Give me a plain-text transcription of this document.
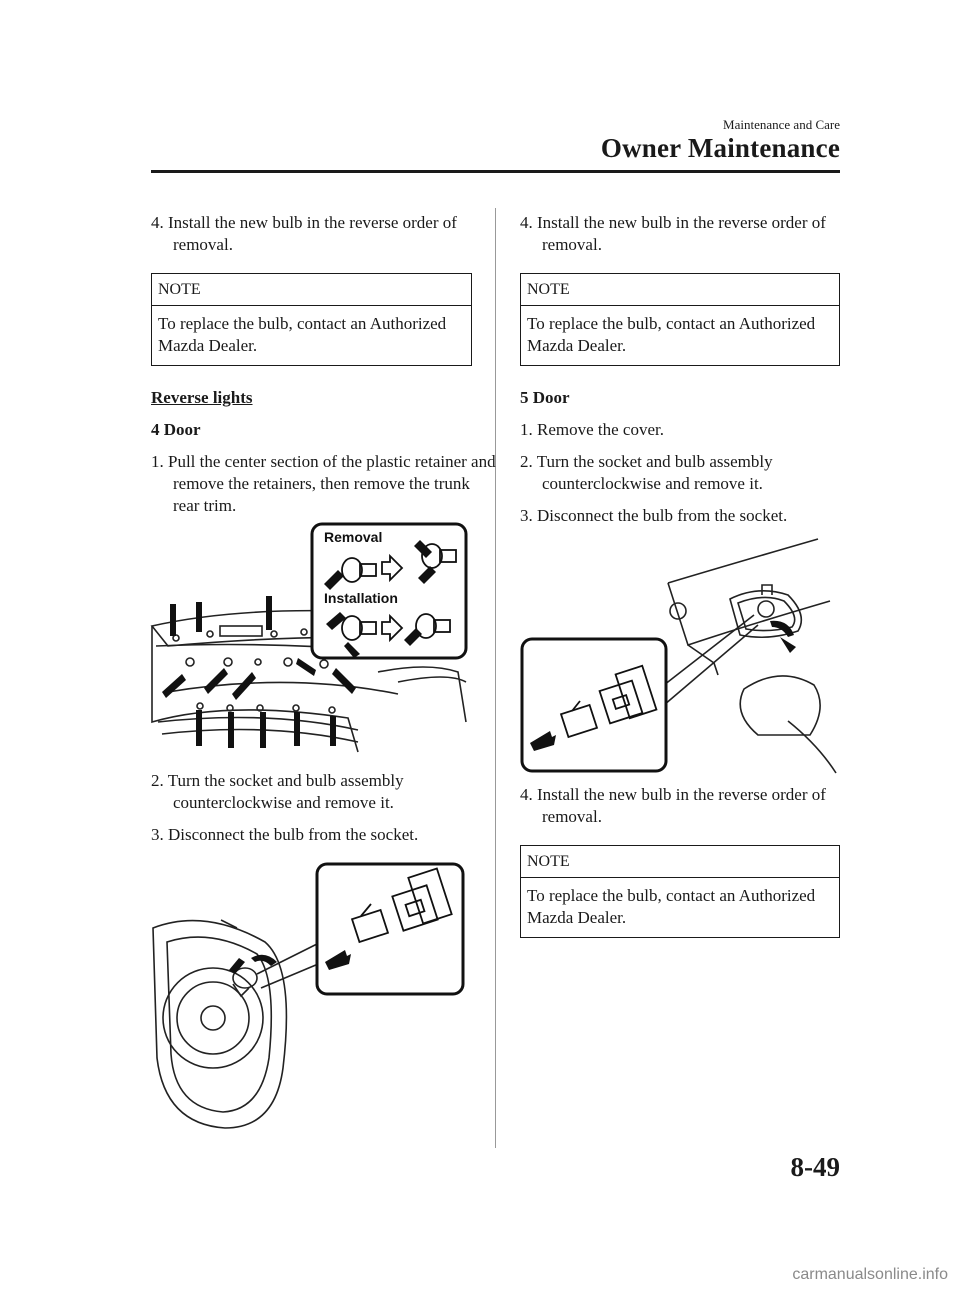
Maintenance and Care
Owner Maintenance
4. Install the new bulb in the reverse order of removal.
NOTE
To replace the bulb, contact an Authorized Mazda Dealer.
Reverse lights
4 Door
1. Pull the center section of the plastic retainer and remove the retainers, then remove the trunk rear trim.
Removal
Installation
2. Turn the socket and bulb assembly counterclockwise and remove it.
3. Disconnect the bulb from the socket.
4. Install the new bulb in the reverse order of removal.
NOTE
To replace the bulb, contact an Authorized Mazda Dealer.
5 Door
1. Remove the cover.
2. Turn the socket and bulb assembly counterclockwise and remove it.
3. Disconnect the bulb from the socket.
4. Install the new bulb in the reverse order of removal.
NOTE
To replace the bulb, contact an Authorized Mazda Dealer.
8-49
carmanualsonline.info
